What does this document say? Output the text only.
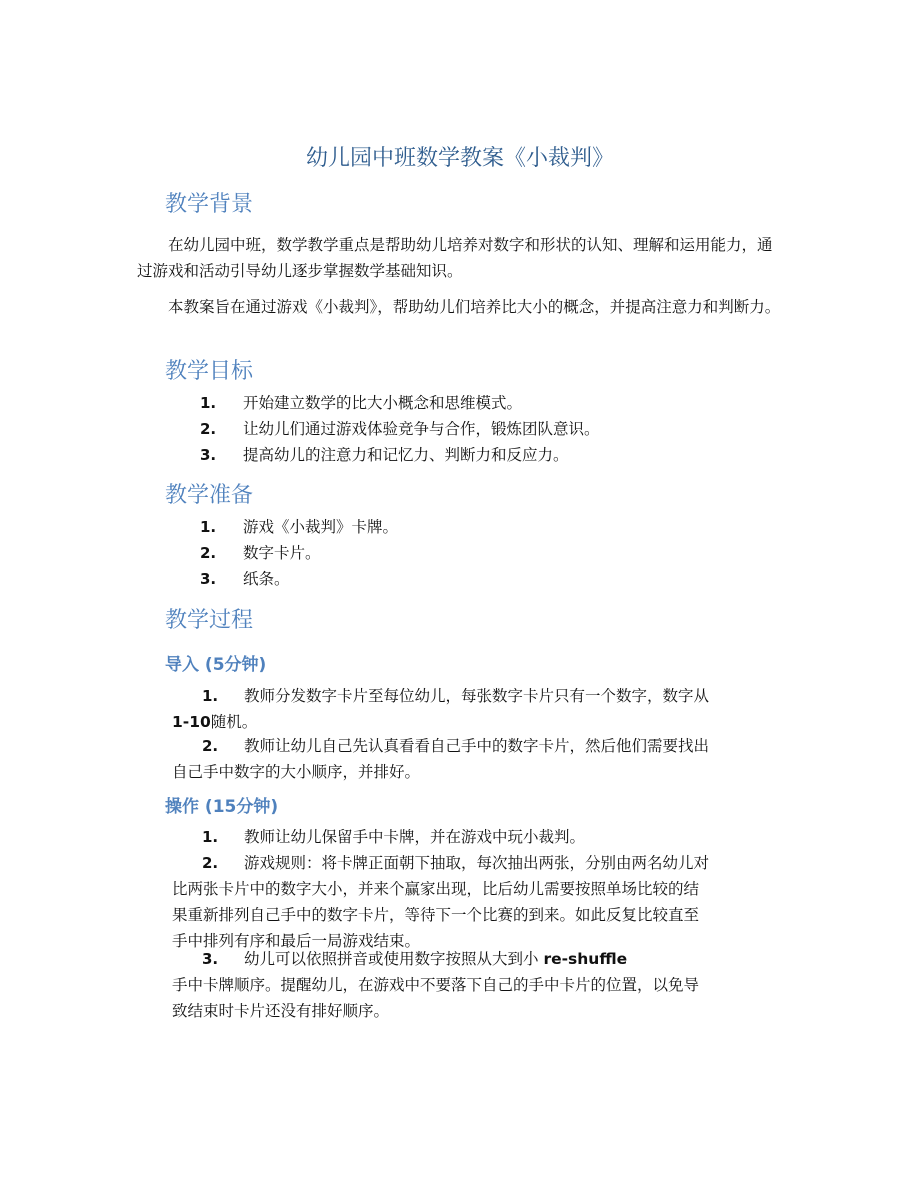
幼儿园中班数学教案《小裁判》
教学背景

在幼儿园中班，数学教学重点是帮助幼儿培养对数字和形状的认知、理解和运用能力，通过游戏和活动引导幼儿逐步掌握数学基础知识。

本教案旨在通过游戏《小裁判》，帮助幼儿们培养比大小的概念，并提高注意力和判断力。

教学目标
1. 开始建立数学的比大小概念和思维模式。
2. 让幼儿们通过游戏体验竞争与合作，锻炼团队意识。
3. 提高幼儿的注意力和记忆力、判断力和反应力。
教学准备
1. 游戏《小裁判》卡牌。
2. 数字卡片。
3. 纸条。
教学过程
导入 (5分钟)
1. 教师分发数字卡片至每位幼儿，每张数字卡片只有一个数字，数字从
1-10随机。
2. 教师让幼儿自己先认真看看自己手中的数字卡片，然后他们需要找出
自己手中数字的大小顺序，并排好。
操作 (15分钟)
1. 教师让幼儿保留手中卡牌，并在游戏中玩小裁判。
2. 游戏规则：将卡牌正面朝下抽取，每次抽出两张，分别由两名幼儿对
比两张卡片中的数字大小，并来个赢家出现，比后幼儿需要按照单场比较的结
果重新排列自己手中的数字卡片，等待下一个比赛的到来。如此反复比较直至
手中排列有序和最后一局游戏结束。
3. 幼儿可以依照拼音或使用数字按照从大到小 re-shuffle
手中卡牌顺序。提醒幼儿，在游戏中不要落下自己的手中卡片的位置，以免导
致结束时卡片还没有排好顺序。
